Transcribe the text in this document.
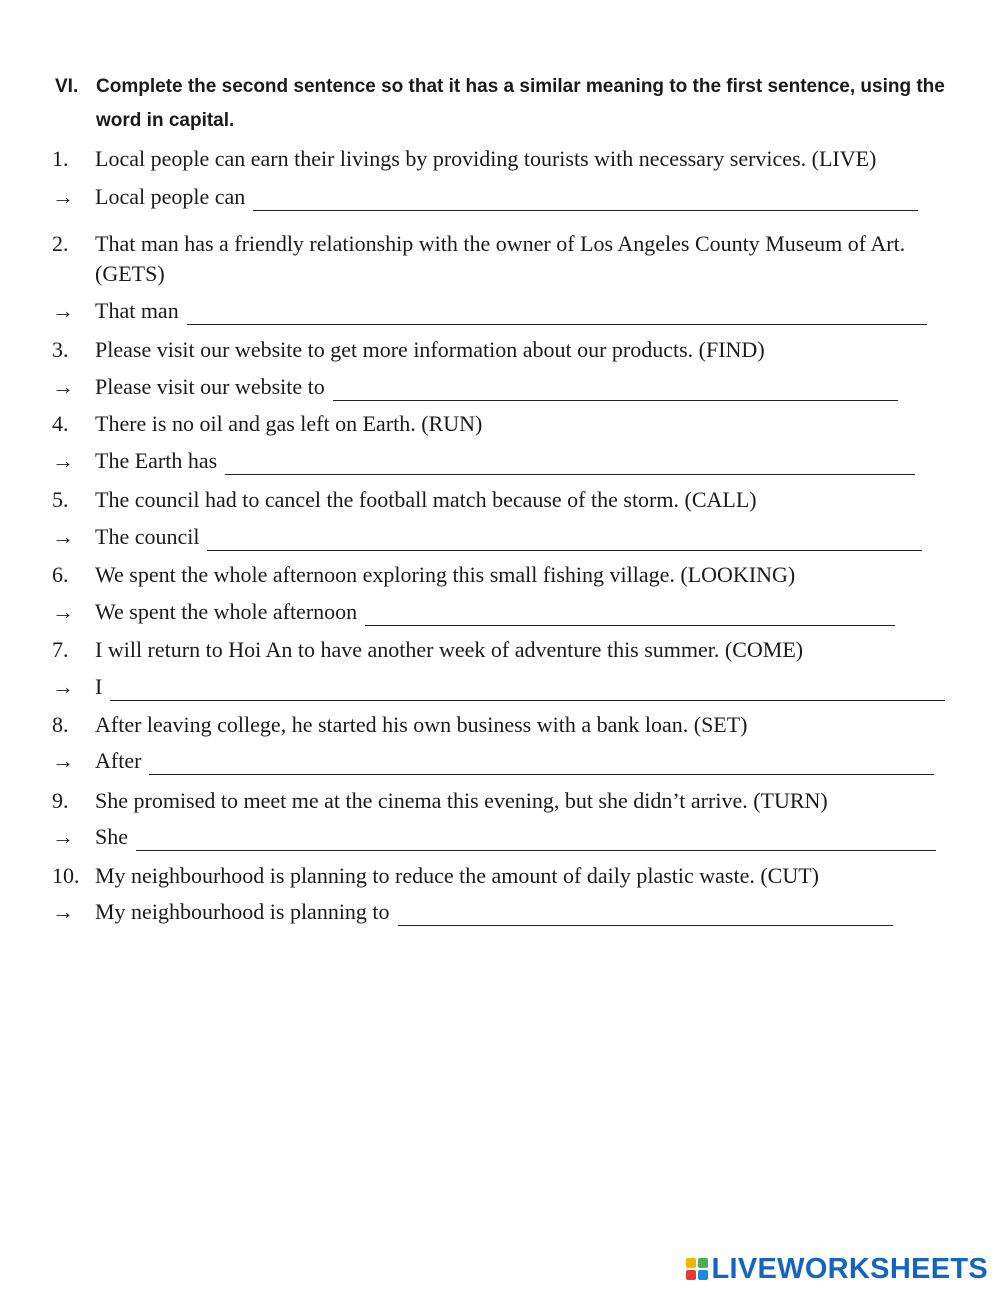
VI. Complete the second sentence so that it has a similar meaning to the first sentence, using the word in capital.
1. Local people can earn their livings by providing tourists with necessary services. (LIVE)
→ Local people can
2. That man has a friendly relationship with the owner of Los Angeles County Museum of Art. (GETS)
→ That man
3. Please visit our website to get more information about our products. (FIND)
→ Please visit our website to
4. There is no oil and gas left on Earth. (RUN)
→ The Earth has
5. The council had to cancel the football match because of the storm. (CALL)
→ The council
6. We spent the whole afternoon exploring this small fishing village. (LOOKING)
→ We spent the whole afternoon
7. I will return to Hoi An to have another week of adventure this summer. (COME)
→ I
8. After leaving college, he started his own business with a bank loan. (SET)
→ After
9. She promised to meet me at the cinema this evening, but she didn’t arrive. (TURN)
→ She
10. My neighbourhood is planning to reduce the amount of daily plastic waste. (CUT)
→ My neighbourhood is planning to
LIVEWORKSHEETS
